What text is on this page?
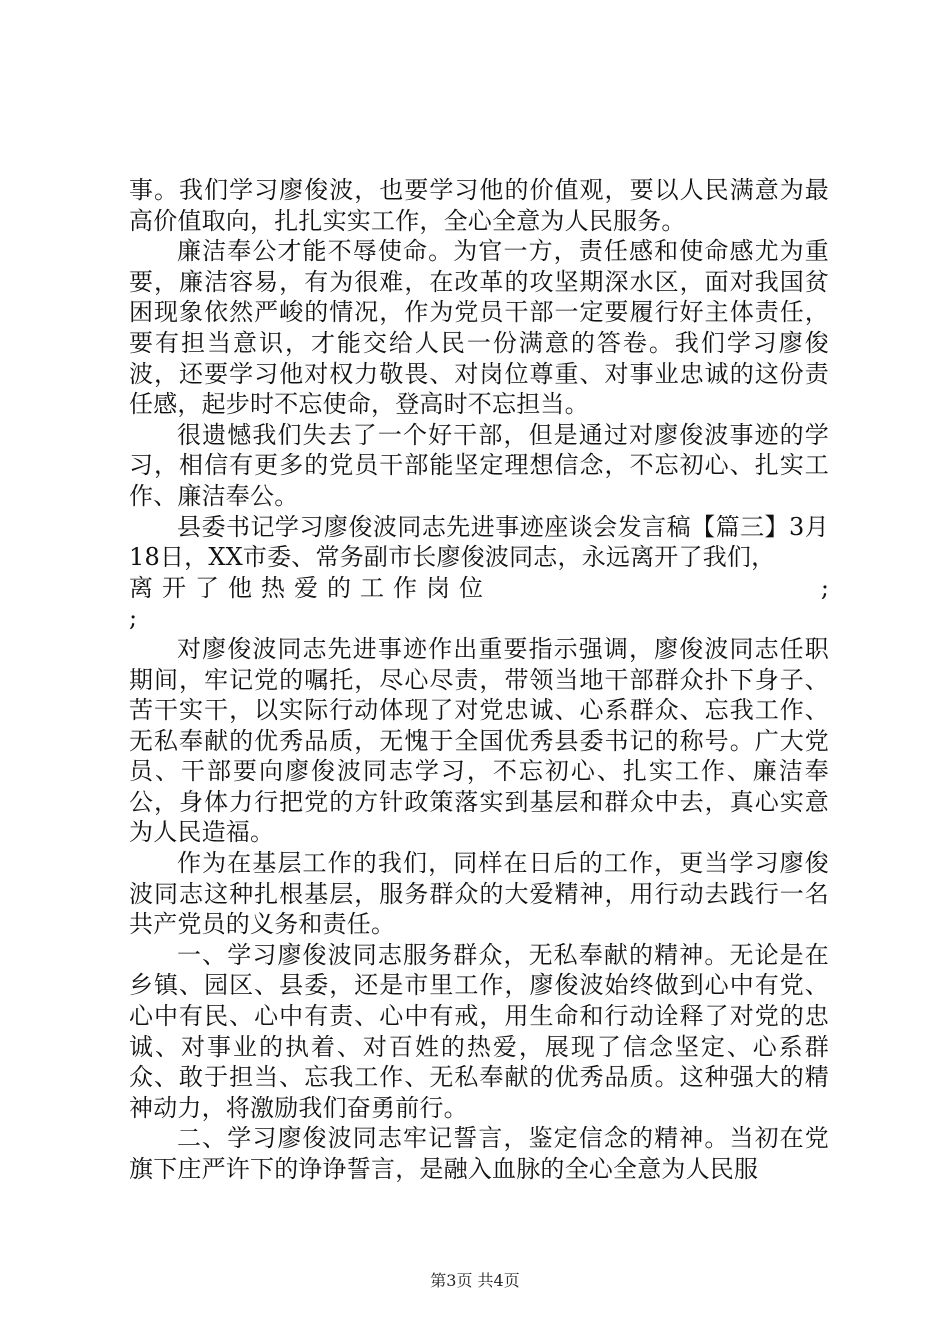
事。我们学习廖俊波，也要学习他的价值观，要以人民满意为最高价值取向，扎扎实实工作，全心全意为人民服务。

廉洁奉公才能不辱使命。为官一方，责任感和使命感尤为重要，廉洁容易，有为很难，在改革的攻坚期深水区，面对我国贫困现象依然严峻的情况，作为党员干部一定要履行好主体责任，要有担当意识，才能交给人民一份满意的答卷。我们学习廖俊波，还要学习他对权力敬畏、对岗位尊重、对事业忠诚的这份责任感，起步时不忘使命，登高时不忘担当。

很遗憾我们失去了一个好干部，但是通过对廖俊波事迹的学习，相信有更多的党员干部能坚定理想信念，不忘初心、扎实工作、廉洁奉公。

县委书记学习廖俊波同志先进事迹座谈会发言稿【篇三】3月18日，XX市委、常务副市长廖俊波同志，永远离开了我们，

离开了他热爱的工作岗位	;

;

对廖俊波同志先进事迹作出重要指示强调，廖俊波同志任职期间，牢记党的嘱托，尽心尽责，带领当地干部群众扑下身子、苦干实干，以实际行动体现了对党忠诚、心系群众、忘我工作、无私奉献的优秀品质，无愧于全国优秀县委书记的称号。广大党员、干部要向廖俊波同志学习，不忘初心、扎实工作、廉洁奉公，身体力行把党的方针政策落实到基层和群众中去，真心实意为人民造福。

作为在基层工作的我们，同样在日后的工作，更当学习廖俊波同志这种扎根基层，服务群众的大爱精神，用行动去践行一名共产党员的义务和责任。

一、学习廖俊波同志服务群众，无私奉献的精神。无论是在乡镇、园区、县委，还是市里工作，廖俊波始终做到心中有党、心中有民、心中有责、心中有戒，用生命和行动诠释了对党的忠诚、对事业的执着、对百姓的热爱，展现了信念坚定、心系群众、敢于担当、忘我工作、无私奉献的优秀品质。这种强大的精神动力，将激励我们奋勇前行。

二、学习廖俊波同志牢记誓言，鉴定信念的精神。当初在党旗下庄严许下的诤诤誓言，是融入血脉的全心全意为人民服

第3页 共4页
